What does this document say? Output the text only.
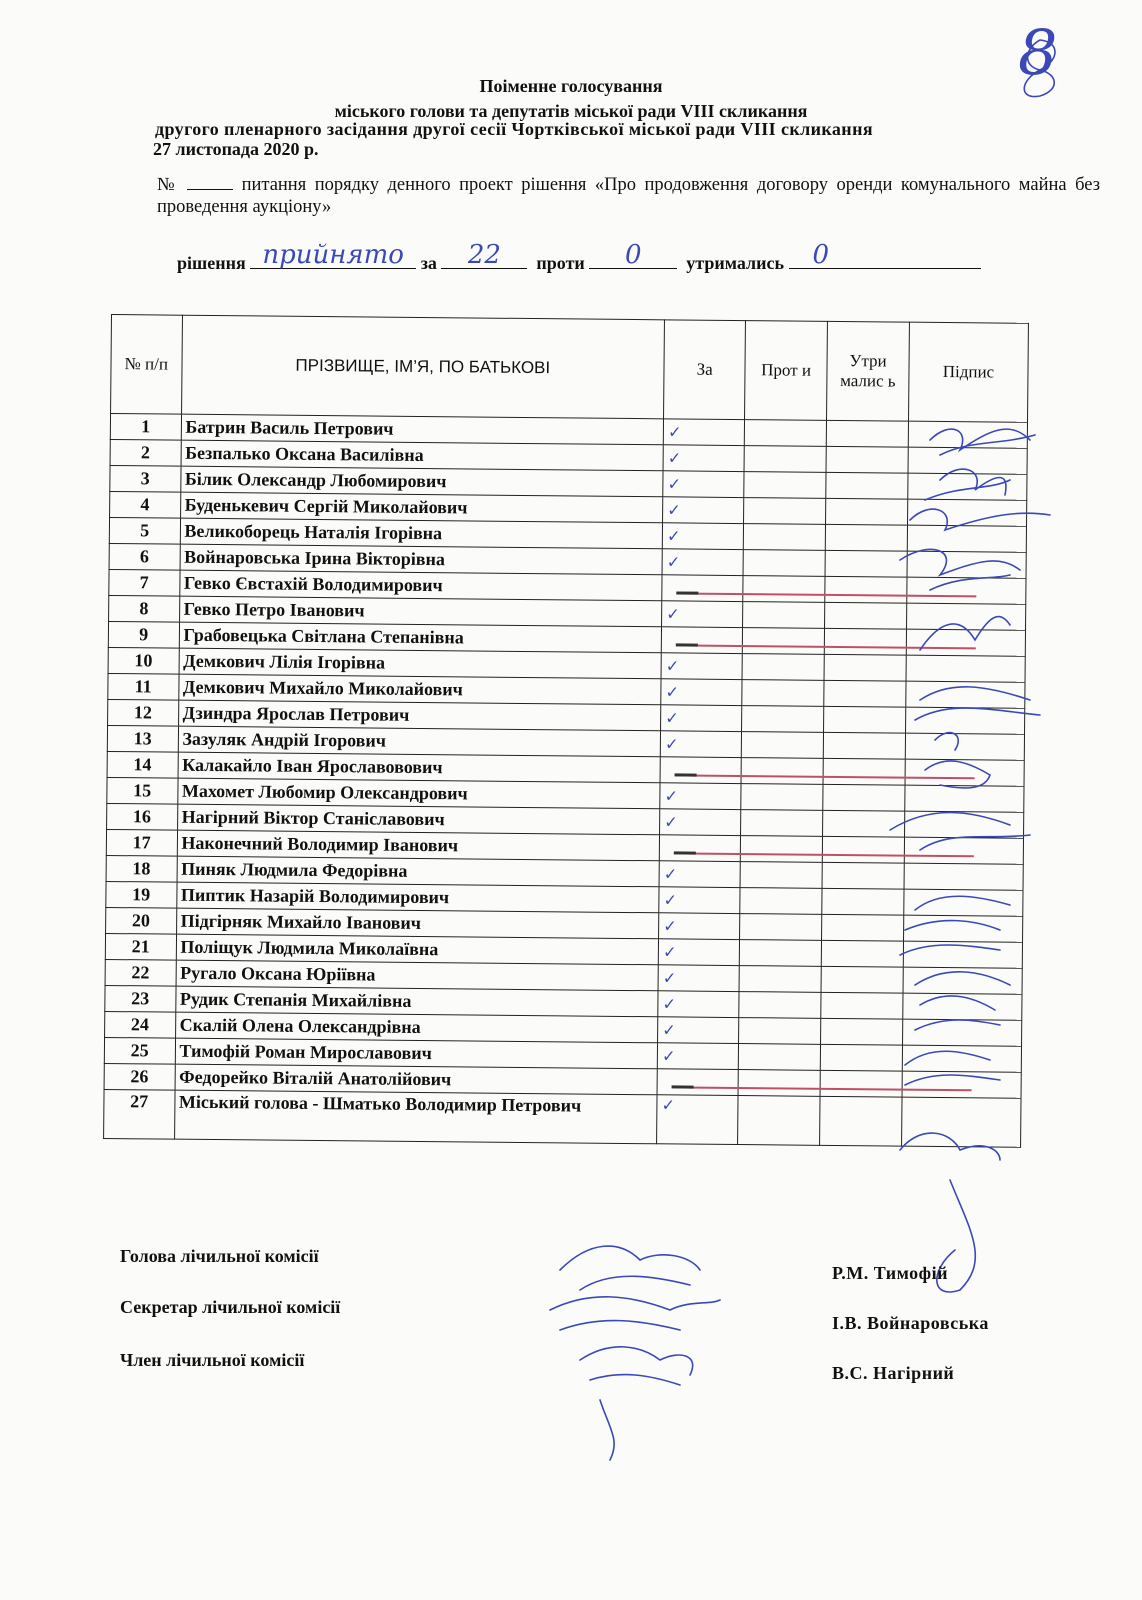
8
Поіменне голосування
міського голови та депутатів міської ради VIII скликання
другого пленарного засідання другої сесії Чортківської міської ради VIII скликання
27 листопада 2020 р.
№	питання порядку денного проект рішення «Про продовження договору оренди комунального майна без проведення аукціону»
рішення прийнято за	22	проти	0	утримались 0
№ п/п	ПРІЗВИЩЕ, ІМ’Я, ПО БАТЬКОВІ	За	Прот и	Утри малис ь	Підпис
1	Батрин Василь Петрович	✓			
2	Безпалько Оксана Василівна	✓			
3	Білик Олександр Любомирович	✓			
4	Буденькевич Сергій Миколайович	✓			
5	Великоборець Наталія Ігорівна	✓			
6	Войнаровська Ірина Вікторівна	✓			
7	Гевко Євстахій Володимирович	

8	Гевко Петро Іванович	✓			
9	Грабовецька Світлана Степанівна	

10	Демкович Лілія Ігорівна	✓			
11	Демкович Михайло Миколайович	✓			
12	Дзиндра Ярослав Петрович	✓			
13	Зазуляк Андрій Ігорович	✓			
14	Калакайло Іван Ярославовович	

15	Махомет Любомир Олександрович	✓			
16	Нагірний Віктор Станіславович	✓			
17	Наконечний Володимир Іванович	

18	Пиняк Людмила Федорівна	✓			
19	Пиптик Назарій Володимирович	✓			
20	Підгірняк Михайло Іванович	✓			
21	Поліщук Людмила Миколаївна	✓			
22	Ругало Оксана Юріївна	✓			
23	Рудик Степанія Михайлівна	✓			
24	Скалій Олена Олександрівна	✓			
25	Тимофій Роман Мирославович	✓			
26	Федорейко Віталій Анатолійович	

27	Міський голова - Шматько Володимир Петрович	✓			
Голова лічильної комісії
Секретар лічильної комісії
Член лічильної комісії
Р.М. Тимофій
І.В. Войнаровська
В.С. Нагірний
